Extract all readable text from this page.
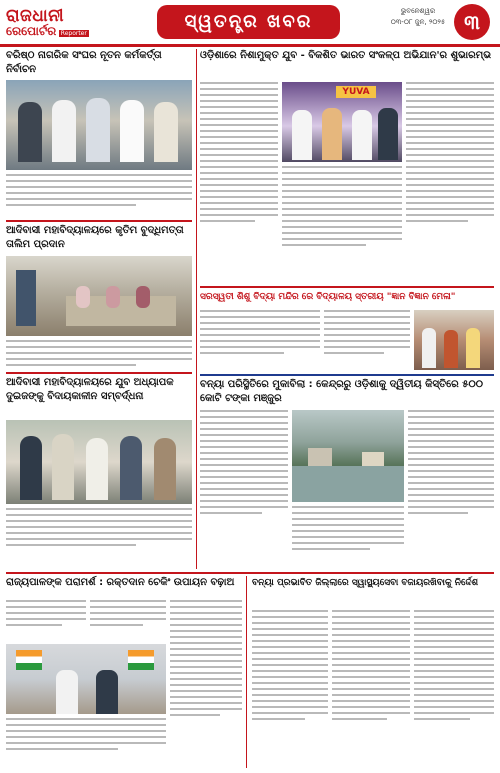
ରାଜଧାନୀ
ରେପୋର୍ଟର Reporter
ସ୍ୱତନ୍ତ୍ର ଖବର	ଭୁବନେଶ୍ୱର
୦୩-୦୮ ଜୁନ, ୨୦୨୫ ୩
ବରିଷ୍ଠ ନାଗରିକ ସଂଘର ନୂତନ କର୍ମକର୍ତ୍ତା ନିର୍ବାଚନ
ଆଦିବାସୀ ମହାବିଦ୍ୟାଳୟରେ କୃତିମ ବୁଦ୍ଧିମତ୍ତା ତାଲିମ ପ୍ରଦାନ
ଆଦିବାସୀ ମହାବିଦ୍ୟାଳୟରେ ଯୁବ ଅଧ୍ୟାପକ ଦୁଇଜଙ୍କୁ ବିଦାୟକାଳୀନ ସମ୍ବର୍ଦ୍ଧନା
ଓଡ଼ିଶାରେ ନିଶାମୁକ୍ତ ଯୁବ - ବିକଶିତ ଭାରତ ସଂକଳ୍ପ ଅଭିଯାନ'ର ଶୁଭାରମ୍ଭ
YUVA
ସରସ୍ୱତୀ ଶିଶୁ ବିଦ୍ୟା ମନ୍ଦିର ରେ ବିଦ୍ୟାଳୟ ସ୍ତରୀୟ "ଜ୍ଞାନ ବିଜ୍ଞାନ ମେଳା"
ବନ୍ୟା ପରିସ୍ଥିତିରେ ମୁକାବିଲା : କେନ୍ଦ୍ରରୁ ଓଡ଼ିଶାକୁ ଦ୍ୱିତୀୟ କିସ୍ତିରେ ୫୦୦ କୋଟି ଟଙ୍କା ମଞ୍ଜୁର
ରାଜ୍ୟପାଳଙ୍କ ପରାମର୍ଶ : ରକ୍ତଦାନ ଚେକିଂ ଉପାୟନ ବଢ଼ାଅ	ବନ୍ୟା ପ୍ରଭାବିତ ଜିଲ୍ଲାରେ ସ୍ୱାସ୍ଥ୍ୟସେବା ବଜାୟରଖିବାକୁ ନିର୍ଦ୍ଦେଶ
